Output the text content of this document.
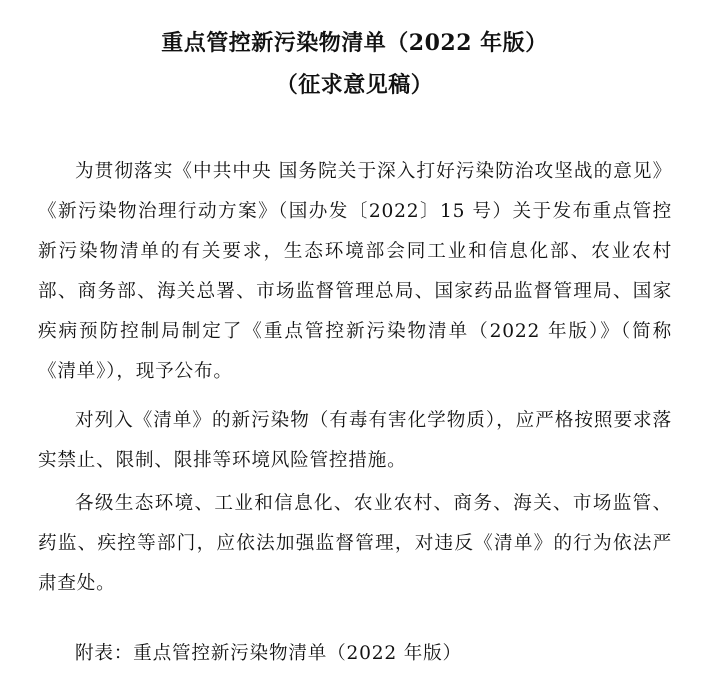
重点管控新污染物清单（2022 年版）
（征求意见稿）

为贯彻落实《中共中央 国务院关于深入打好污染防治攻坚战的意见》《新污染物治理行动方案》（国办发〔2022〕15 号）关于发布重点管控新污染物清单的有关要求，生态环境部会同工业和信息化部、农业农村部、商务部、海关总署、市场监督管理总局、国家药品监督管理局、国家疾病预防控制局制定了《重点管控新污染物清单（2022 年版）》（简称《清单》），现予公布。

对列入《清单》的新污染物（有毒有害化学物质），应严格按照要求落实禁止、限制、限排等环境风险管控措施。

各级生态环境、工业和信息化、农业农村、商务、海关、市场监管、药监、疾控等部门，应依法加强监督管理，对违反《清单》的行为依法严肃查处。

附表：重点管控新污染物清单（2022 年版）
